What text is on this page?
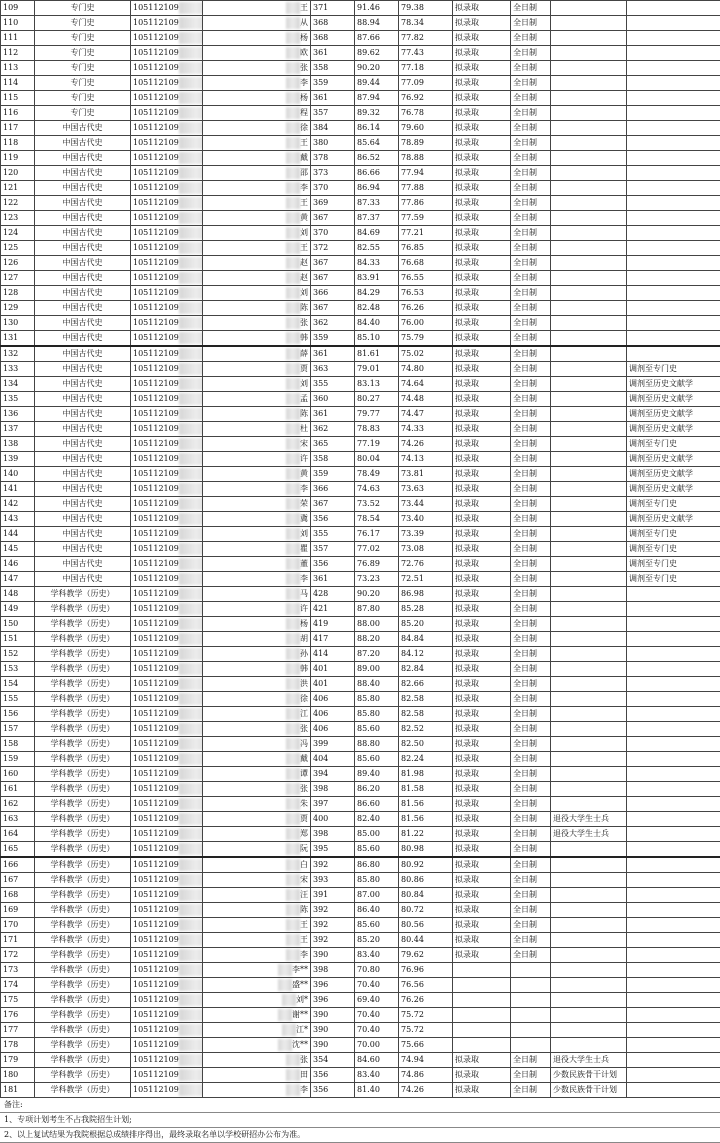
109	专门史	105112109	王	371	91.46	79.38	拟录取	全日制		
110	专门史	105112109	从	368	88.94	78.34	拟录取	全日制		
111	专门史	105112109	杨	368	87.66	77.82	拟录取	全日制		
112	专门史	105112109	欧	361	89.62	77.43	拟录取	全日制		
113	专门史	105112109	张	358	90.20	77.18	拟录取	全日制		
114	专门史	105112109	李	359	89.44	77.09	拟录取	全日制		
115	专门史	105112109	杨	361	87.94	76.92	拟录取	全日制		
116	专门史	105112109	程	357	89.32	76.78	拟录取	全日制		
117	中国古代史	105112109	徐	384	86.14	79.60	拟录取	全日制		
118	中国古代史	105112109	王	380	85.64	78.89	拟录取	全日制		
119	中国古代史	105112109	戴	378	86.52	78.88	拟录取	全日制		
120	中国古代史	105112109	邵	373	86.66	77.94	拟录取	全日制		
121	中国古代史	105112109	李	370	86.94	77.88	拟录取	全日制		
122	中国古代史	105112109	王	369	87.33	77.86	拟录取	全日制		
123	中国古代史	105112109	黄	367	87.37	77.59	拟录取	全日制		
124	中国古代史	105112109	刘	370	84.69	77.21	拟录取	全日制		
125	中国古代史	105112109	王	372	82.55	76.85	拟录取	全日制		
126	中国古代史	105112109	赵	367	84.33	76.68	拟录取	全日制		
127	中国古代史	105112109	赵	367	83.91	76.55	拟录取	全日制		
128	中国古代史	105112109	刘	366	84.29	76.53	拟录取	全日制		
129	中国古代史	105112109	陈	367	82.48	76.26	拟录取	全日制		
130	中国古代史	105112109	张	362	84.40	76.00	拟录取	全日制		
131	中国古代史	105112109	韩	359	85.10	75.79	拟录取	全日制		
132	中国古代史	105112109	薛	361	81.61	75.02	拟录取	全日制		
133	中国古代史	105112109	贾	363	79.01	74.80	拟录取	全日制		调剂至专门史
134	中国古代史	105112109	刘	355	83.13	74.64	拟录取	全日制		调剂至历史文献学
135	中国古代史	105112109	孟	360	80.27	74.48	拟录取	全日制		调剂至历史文献学
136	中国古代史	105112109	陈	361	79.77	74.47	拟录取	全日制		调剂至历史文献学
137	中国古代史	105112109	杜	362	78.83	74.33	拟录取	全日制		调剂至历史文献学
138	中国古代史	105112109	宋	365	77.19	74.26	拟录取	全日制		调剂至专门史
139	中国古代史	105112109	许	358	80.04	74.13	拟录取	全日制		调剂至历史文献学
140	中国古代史	105112109	黄	359	78.49	73.81	拟录取	全日制		调剂至历史文献学
141	中国古代史	105112109	李	366	74.63	73.63	拟录取	全日制		调剂至历史文献学
142	中国古代史	105112109	荣	367	73.52	73.44	拟录取	全日制		调剂至专门史
143	中国古代史	105112109	冀	356	78.54	73.40	拟录取	全日制		调剂至历史文献学
144	中国古代史	105112109	刘	355	76.17	73.39	拟录取	全日制		调剂至专门史
145	中国古代史	105112109	瞿	357	77.02	73.08	拟录取	全日制		调剂至专门史
146	中国古代史	105112109	董	356	76.89	72.76	拟录取	全日制		调剂至专门史
147	中国古代史	105112109	李	361	73.23	72.51	拟录取	全日制		调剂至专门史
148	学科教学（历史）	105112109	马	428	90.20	86.98	拟录取	全日制		
149	学科教学（历史）	105112109	许	421	87.80	85.28	拟录取	全日制		
150	学科教学（历史）	105112109	杨	419	88.00	85.20	拟录取	全日制		
151	学科教学（历史）	105112109	胡	417	88.20	84.84	拟录取	全日制		
152	学科教学（历史）	105112109	孙	414	87.20	84.12	拟录取	全日制		
153	学科教学（历史）	105112109	韩	401	89.00	82.84	拟录取	全日制		
154	学科教学（历史）	105112109	洪	401	88.40	82.66	拟录取	全日制		
155	学科教学（历史）	105112109	徐	406	85.80	82.58	拟录取	全日制		
156	学科教学（历史）	105112109	江	406	85.80	82.58	拟录取	全日制		
157	学科教学（历史）	105112109	张	406	85.60	82.52	拟录取	全日制		
158	学科教学（历史）	105112109	冯	399	88.80	82.50	拟录取	全日制		
159	学科教学（历史）	105112109	戴	404	85.60	82.24	拟录取	全日制		
160	学科教学（历史）	105112109	谭	394	89.40	81.98	拟录取	全日制		
161	学科教学（历史）	105112109	张	398	86.20	81.58	拟录取	全日制		
162	学科教学（历史）	105112109	朱	397	86.60	81.56	拟录取	全日制		
163	学科教学（历史）	105112109	贾	400	82.40	81.56	拟录取	全日制	退役大学生士兵	
164	学科教学（历史）	105112109	郑	398	85.00	81.22	拟录取	全日制	退役大学生士兵	
165	学科教学（历史）	105112109	阮	395	85.60	80.98	拟录取	全日制		
166	学科教学（历史）	105112109	白	392	86.80	80.92	拟录取	全日制		
167	学科教学（历史）	105112109	宋	393	85.80	80.86	拟录取	全日制		
168	学科教学（历史）	105112109	汪	391	87.00	80.84	拟录取	全日制		
169	学科教学（历史）	105112109	陈	392	86.40	80.72	拟录取	全日制		
170	学科教学（历史）	105112109	王	392	85.60	80.56	拟录取	全日制		
171	学科教学（历史）	105112109	王	392	85.20	80.44	拟录取	全日制		
172	学科教学（历史）	105112109	李	390	83.40	79.62	拟录取	全日制		
173	学科教学（历史）	105112109	李**	398	70.80	76.96				
174	学科教学（历史）	105112109	盛**	396	70.40	76.56				
175	学科教学（历史）	105112109	刘*	396	69.40	76.26				
176	学科教学（历史）	105112109	谢**	390	70.40	75.72				
177	学科教学（历史）	105112109	江*	390	70.40	75.72				
178	学科教学（历史）	105112109	沈**	390	70.00	75.66				
179	学科教学（历史）	105112109	张	354	84.60	74.94	拟录取	全日制	退役大学生士兵	
180	学科教学（历史）	105112109	田	356	83.40	74.86	拟录取	全日制	少数民族骨干计划	
181	学科教学（历史）	105112109	李	356	81.40	74.26	拟录取	全日制	少数民族骨干计划	
备注:
1、专项计划考生不占我院招生计划;
2、以上复试结果为我院根据总成绩排序得出，最终录取名单以学校研招办公布为准。
